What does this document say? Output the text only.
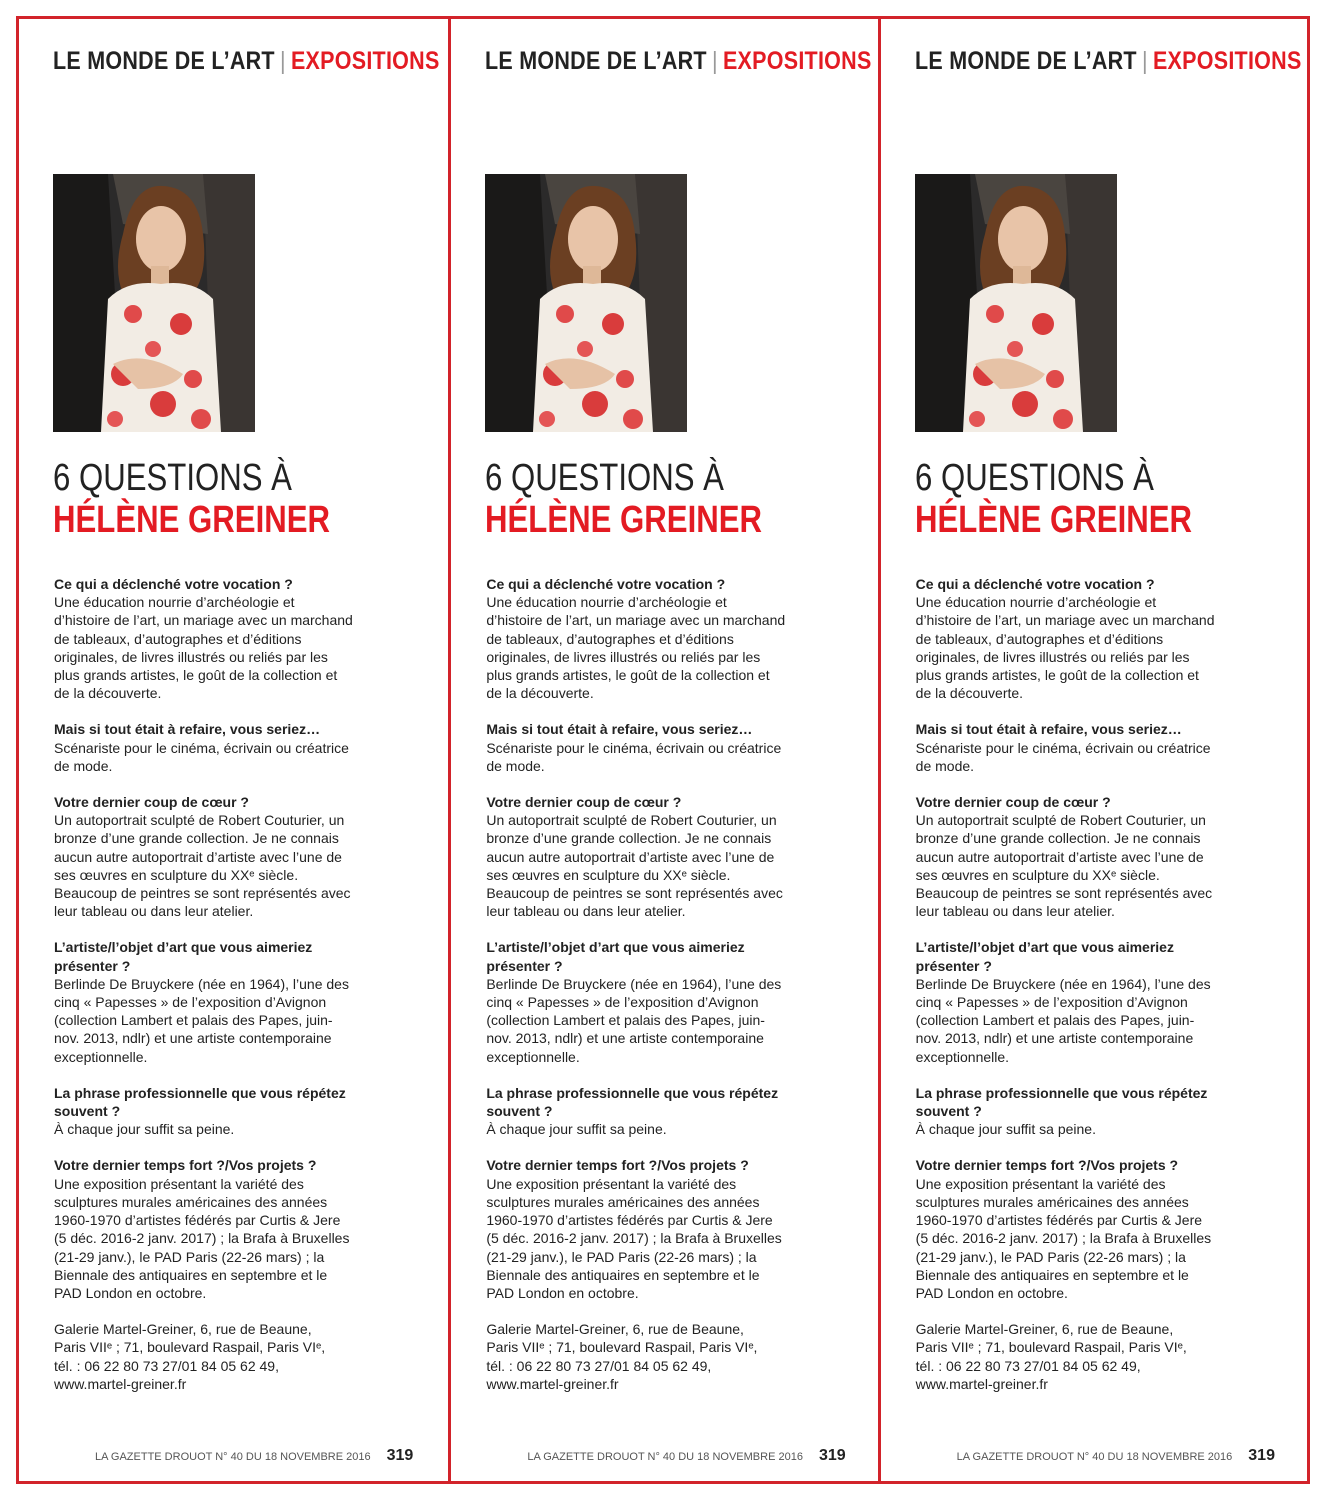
LE MONDE DE L’ART | EXPOSITIONS
6 QUESTIONS À
HÉLÈNE GREINER
Ce qui a déclenché votre vocation ?
Une éducation nourrie d’archéologie et d’histoire de l’art, un mariage avec un marchand de tableaux, d’autographes et d’éditions originales, de livres illustrés ou reliés par les plus grands artistes, le goût de la collection et de la découverte.
Mais si tout était à refaire, vous seriez…
Scénariste pour le cinéma, écrivain ou créatrice de mode.
Votre dernier coup de cœur ?
Un autoportrait sculpté de Robert Couturier, un bronze d’une grande collection. Je ne connais aucun autre autoportrait d’artiste avec l’une de ses œuvres en sculpture du XXᵉ siècle. Beaucoup de peintres se sont représentés avec leur tableau ou dans leur atelier.
L’artiste/l’objet d’art que vous aimeriez présenter ?
Berlinde De Bruyckere (née en 1964), l’une des cinq « Papesses » de l’exposition d’Avignon (collection Lambert et palais des Papes, juin-nov. 2013, ndlr) et une artiste contemporaine exceptionnelle.
La phrase professionnelle que vous répétez souvent ?
À chaque jour suffit sa peine.
Votre dernier temps fort ?/Vos projets ?
Une exposition présentant la variété des sculptures murales américaines des années 1960-1970 d’artistes fédérés par Curtis & Jere (5 déc. 2016-2 janv. 2017) ; la Brafa à Bruxelles (21-29 janv.), le PAD Paris (22-26 mars) ; la Biennale des antiquaires en septembre et le PAD London en octobre.
Galerie Martel-Greiner, 6, rue de Beaune,
Paris VIIᵉ ; 71, boulevard Raspail, Paris VIᵉ,
tél. : 06 22 80 73 27/01 84 05 62 49,
www.martel-greiner.fr
LA GAZETTE DROUOT N° 40 DU 18 NOVEMBRE 2016 319
LE MONDE DE L’ART | EXPOSITIONS
6 QUESTIONS À
HÉLÈNE GREINER
Ce qui a déclenché votre vocation ?
Une éducation nourrie d’archéologie et d’histoire de l’art, un mariage avec un marchand de tableaux, d’autographes et d’éditions originales, de livres illustrés ou reliés par les plus grands artistes, le goût de la collection et de la découverte.
Mais si tout était à refaire, vous seriez…
Scénariste pour le cinéma, écrivain ou créatrice de mode.
Votre dernier coup de cœur ?
Un autoportrait sculpté de Robert Couturier, un bronze d’une grande collection. Je ne connais aucun autre autoportrait d’artiste avec l’une de ses œuvres en sculpture du XXᵉ siècle. Beaucoup de peintres se sont représentés avec leur tableau ou dans leur atelier.
L’artiste/l’objet d’art que vous aimeriez présenter ?
Berlinde De Bruyckere (née en 1964), l’une des cinq « Papesses » de l’exposition d’Avignon (collection Lambert et palais des Papes, juin-nov. 2013, ndlr) et une artiste contemporaine exceptionnelle.
La phrase professionnelle que vous répétez souvent ?
À chaque jour suffit sa peine.
Votre dernier temps fort ?/Vos projets ?
Une exposition présentant la variété des sculptures murales américaines des années 1960-1970 d’artistes fédérés par Curtis & Jere (5 déc. 2016-2 janv. 2017) ; la Brafa à Bruxelles (21-29 janv.), le PAD Paris (22-26 mars) ; la Biennale des antiquaires en septembre et le PAD London en octobre.
Galerie Martel-Greiner, 6, rue de Beaune,
Paris VIIᵉ ; 71, boulevard Raspail, Paris VIᵉ,
tél. : 06 22 80 73 27/01 84 05 62 49,
www.martel-greiner.fr
LA GAZETTE DROUOT N° 40 DU 18 NOVEMBRE 2016 319
LE MONDE DE L’ART | EXPOSITIONS
6 QUESTIONS À
HÉLÈNE GREINER
Ce qui a déclenché votre vocation ?
Une éducation nourrie d’archéologie et d’histoire de l’art, un mariage avec un marchand de tableaux, d’autographes et d’éditions originales, de livres illustrés ou reliés par les plus grands artistes, le goût de la collection et de la découverte.
Mais si tout était à refaire, vous seriez…
Scénariste pour le cinéma, écrivain ou créatrice de mode.
Votre dernier coup de cœur ?
Un autoportrait sculpté de Robert Couturier, un bronze d’une grande collection. Je ne connais aucun autre autoportrait d’artiste avec l’une de ses œuvres en sculpture du XXᵉ siècle. Beaucoup de peintres se sont représentés avec leur tableau ou dans leur atelier.
L’artiste/l’objet d’art que vous aimeriez présenter ?
Berlinde De Bruyckere (née en 1964), l’une des cinq « Papesses » de l’exposition d’Avignon (collection Lambert et palais des Papes, juin-nov. 2013, ndlr) et une artiste contemporaine exceptionnelle.
La phrase professionnelle que vous répétez souvent ?
À chaque jour suffit sa peine.
Votre dernier temps fort ?/Vos projets ?
Une exposition présentant la variété des sculptures murales américaines des années 1960-1970 d’artistes fédérés par Curtis & Jere (5 déc. 2016-2 janv. 2017) ; la Brafa à Bruxelles (21-29 janv.), le PAD Paris (22-26 mars) ; la Biennale des antiquaires en septembre et le PAD London en octobre.
Galerie Martel-Greiner, 6, rue de Beaune,
Paris VIIᵉ ; 71, boulevard Raspail, Paris VIᵉ,
tél. : 06 22 80 73 27/01 84 05 62 49,
www.martel-greiner.fr
LA GAZETTE DROUOT N° 40 DU 18 NOVEMBRE 2016 319
